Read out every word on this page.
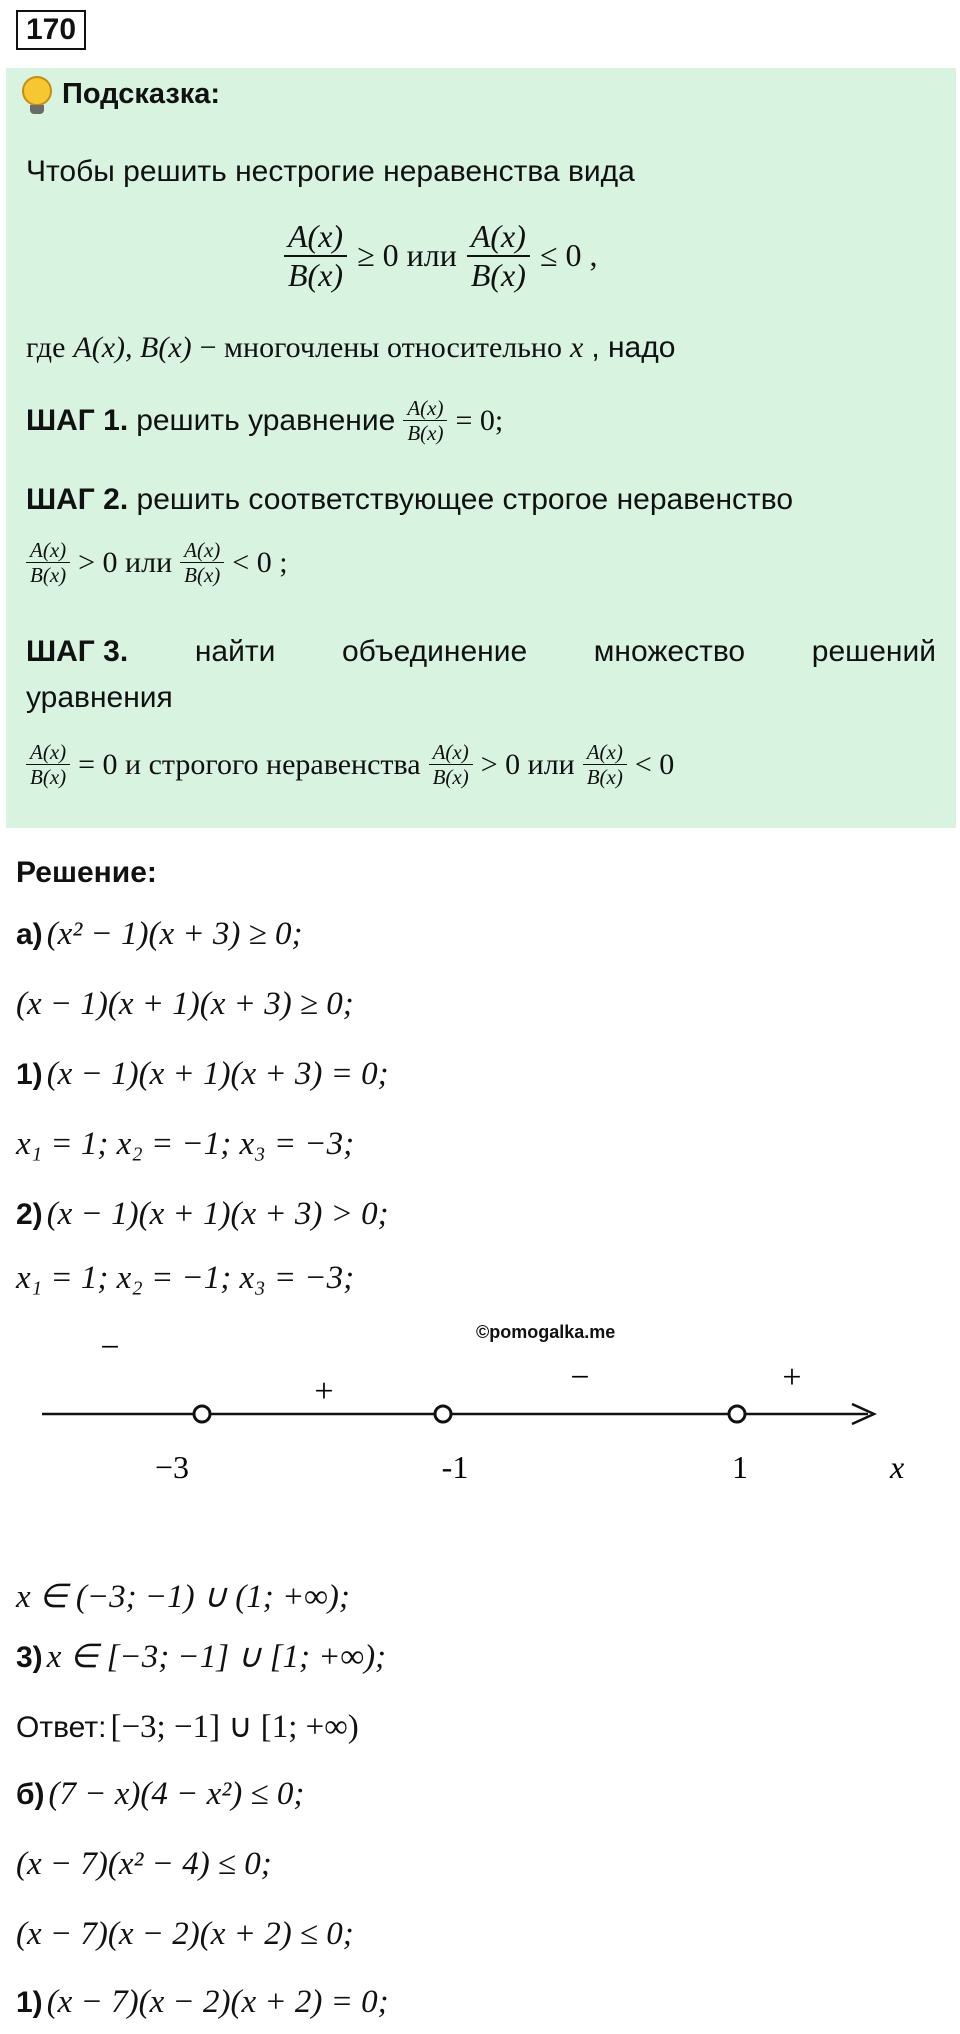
170
Подсказка:
Чтобы решить нестрогие неравенства вида
$\frac{A(x)}{B(x)} \ge 0$ или $\frac{A(x)}{B(x)} \le 0$ ,
где A(x), B(x) − многочлены относительно x , надо
ШАГ 1. решить уравнение $\frac{A(x)}{B(x)} = 0$;
ШАГ 2. решить соответствующее строгое неравенство
$\frac{A(x)}{B(x)} > 0$ или $\frac{A(x)}{B(x)} < 0$ ;
ШАГ 3. найти объединение множество решений
уравнения
$\frac{A(x)}{B(x)} = 0$ и строгого неравенства $\frac{A(x)}{B(x)} > 0$ или $\frac{A(x)}{B(x)} < 0$
Решение:
а) (x² − 1)(x + 3) ≥ 0;
(x − 1)(x + 1)(x + 3) ≥ 0;
1) (x − 1)(x + 1)(x + 3) = 0;
x₁ = 1; x₂ = −1; x₃ = −3;
2) (x − 1)(x + 1)(x + 3) > 0;
x₁ = 1; x₂ = −1; x₃ = −3;
©pomogalka.me
−3	-1	1
−
+	−	+
x
x ∈ (−3; −1) ∪ (1; +∞);
3) x ∈ [−3; −1] ∪ [1; +∞);
Ответ: [−3; −1] ∪ [1; +∞)
б) (7 − x)(4 − x²) ≤ 0;
(x − 7)(x² − 4) ≤ 0;
(x − 7)(x − 2)(x + 2) ≤ 0;
1) (x − 7)(x − 2)(x + 2) = 0;
